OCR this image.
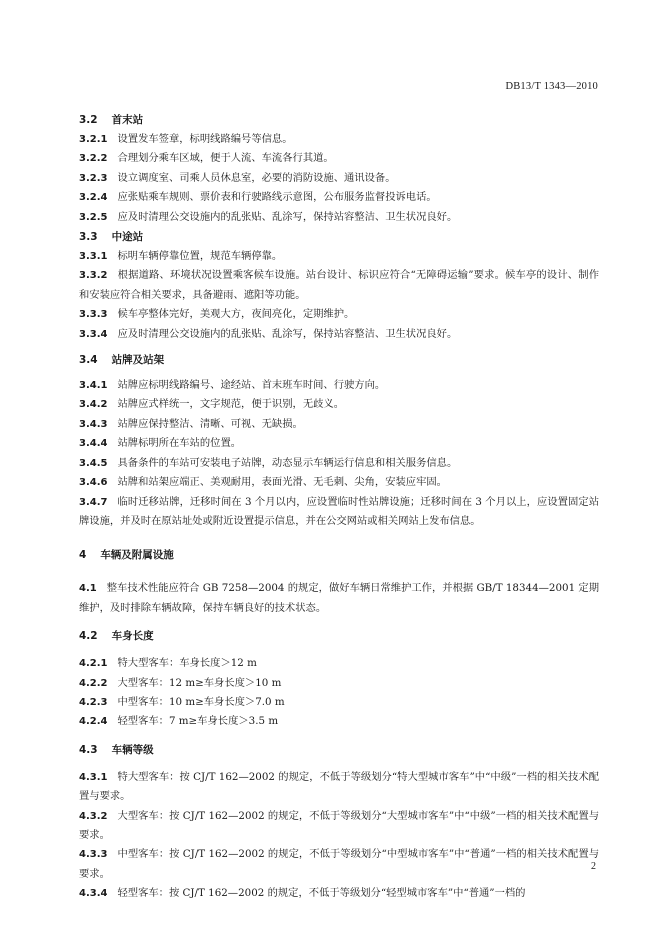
DB13/T 1343—2010
3.2 首末站
3.2.1 设置发车签章，标明线路编号等信息。
3.2.2 合理划分乘车区域，便于人流、车流各行其道。
3.2.3 设立调度室、司乘人员休息室，必要的消防设施、通讯设备。
3.2.4 应张贴乘车规则、票价表和行驶路线示意图，公布服务监督投诉电话。
3.2.5 应及时清理公交设施内的乱张贴、乱涂写，保持站容整洁、卫生状况良好。
3.3 中途站
3.3.1 标明车辆停靠位置，规范车辆停靠。
3.3.2 根据道路、环境状况设置乘客候车设施。站台设计、标识应符合“无障碍运输”要求。候车亭的设计、制作和安装应符合相关要求，具备避雨、遮阳等功能。
3.3.3 候车亭整体完好，美观大方，夜间亮化，定期维护。
3.3.4 应及时清理公交设施内的乱张贴、乱涂写，保持站容整洁、卫生状况良好。
3.4 站牌及站架
3.4.1 站牌应标明线路编号、途经站、首末班车时间、行驶方向。
3.4.2 站牌应式样统一，文字规范，便于识别，无歧义。
3.4.3 站牌应保持整洁、清晰、可视、无缺损。
3.4.4 站牌标明所在车站的位置。
3.4.5 具备条件的车站可安装电子站牌，动态显示车辆运行信息和相关服务信息。
3.4.6 站牌和站架应端正、美观耐用，表面光滑、无毛刺、尖角，安装应牢固。
3.4.7 临时迁移站牌，迁移时间在 3 个月以内，应设置临时性站牌设施；迁移时间在 3 个月以上，应设置固定站牌设施，并及时在原站址处或附近设置提示信息，并在公交网站或相关网站上发布信息。
4 车辆及附属设施
4.1 整车技术性能应符合 GB 7258—2004 的规定，做好车辆日常维护工作，并根据 GB/T 18344—2001 定期维护，及时排除车辆故障，保持车辆良好的技术状态。
4.2 车身长度
4.2.1 特大型客车：车身长度＞12 m
4.2.2 大型客车：12 m≥车身长度＞10 m
4.2.3 中型客车：10 m≥车身长度＞7.0 m
4.2.4 轻型客车：7 m≥车身长度＞3.5 m
4.3 车辆等级
4.3.1 特大型客车：按 CJ/T 162—2002 的规定，不低于等级划分“特大型城市客车”中“中级”一档的相关技术配置与要求。
4.3.2 大型客车：按 CJ/T 162—2002 的规定，不低于等级划分“大型城市客车”中“中级”一档的相关技术配置与要求。
4.3.3 中型客车：按 CJ/T 162—2002 的规定，不低于等级划分“中型城市客车”中“普通”一档的相关技术配置与要求。
4.3.4 轻型客车：按 CJ/T 162—2002 的规定，不低于等级划分“轻型城市客车”中“普通”一档的
2
